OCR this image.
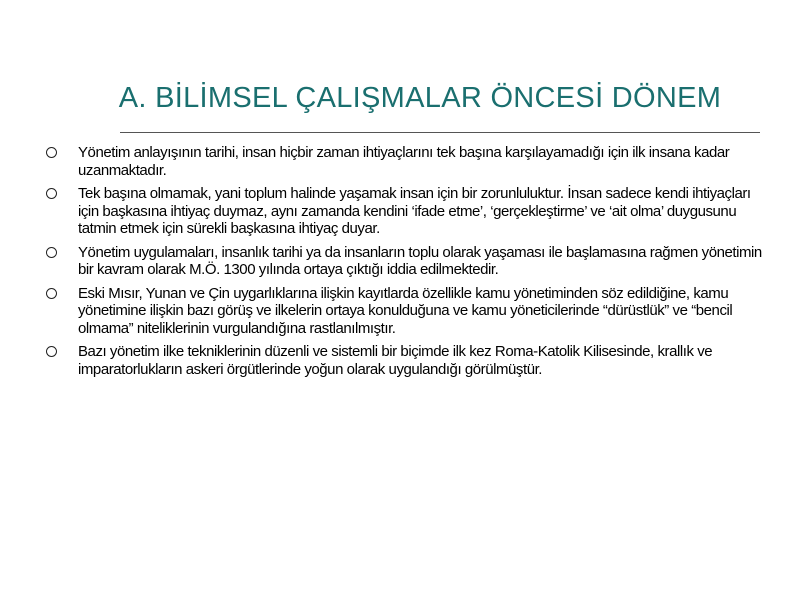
A. BİLİMSEL ÇALIŞMALAR ÖNCESİ DÖNEM
Yönetim anlayışının tarihi, insan hiçbir zaman ihtiyaçlarını tek başına karşılayamadığı için ilk insana kadar uzanmaktadır.
Tek başına olmamak, yani toplum halinde yaşamak insan için bir zorunluluktur. İnsan sadece kendi ihtiyaçları için başkasına ihtiyaç duymaz, aynı zamanda kendini ‘ifade etme’, ‘gerçekleştirme’ ve ‘ait olma’ duygusunu tatmin etmek için sürekli başkasına ihtiyaç duyar.
Yönetim uygulamaları, insanlık tarihi ya da insanların toplu olarak yaşaması ile başlamasına rağmen yönetimin bir kavram olarak M.Ö. 1300 yılında ortaya çıktığı iddia edilmektedir.
Eski Mısır, Yunan ve Çin uygarlıklarına ilişkin kayıtlarda özellikle kamu yönetiminden söz edildiğine, kamu yönetimine ilişkin bazı görüş ve ilkelerin ortaya konulduğuna ve kamu yöneticilerinde “dürüstlük” ve “bencil olmama” niteliklerinin vurgulandığına rastlanılmıştır.
Bazı yönetim ilke tekniklerinin düzenli ve sistemli bir biçimde ilk kez Roma-Katolik Kilisesinde, krallık ve imparatorlukların askeri örgütlerinde yoğun olarak uygulandığı görülmüştür.
